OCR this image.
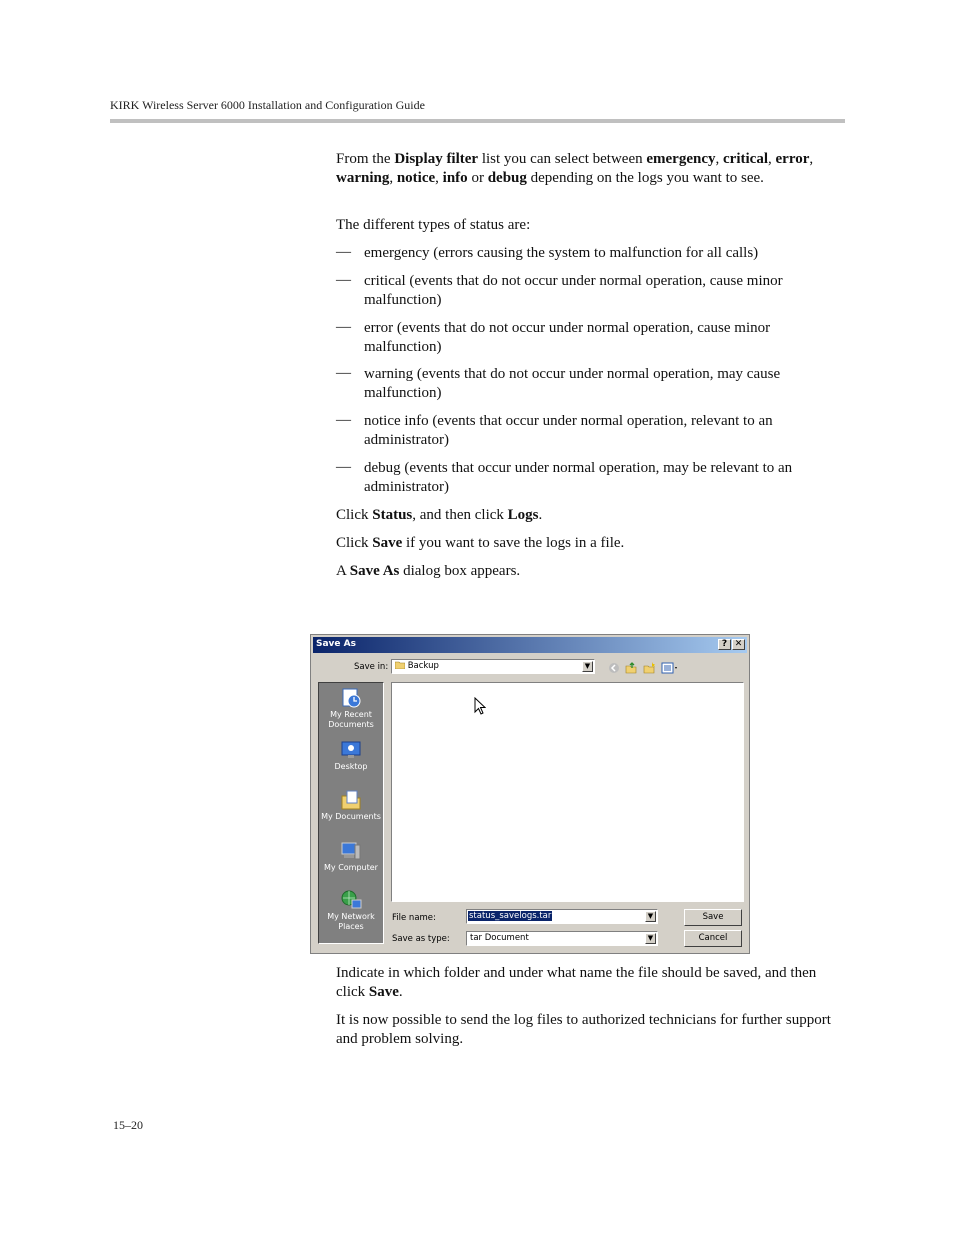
KIRK Wireless Server 6000 Installation and Configuration Guide
From the Display filter list you can select between emergency, critical, error, warning, notice, info or debug depending on the logs you want to see.
The different types of status are:
— emergency (errors causing the system to malfunction for all calls)
— critical (events that do not occur under normal operation, cause minor malfunction)
— error (events that do not occur under normal operation, cause minor malfunction)
— warning (events that do not occur under normal operation, may cause malfunction)
— notice info (events that occur under normal operation, relevant to an administrator)
— debug (events that occur under normal operation, may be relevant to an administrator)
Click Status, and then click Logs.
Click Save if you want to save the logs in a file.
A Save As dialog box appears.
Save As	? ✕
Save in:	Backup	▼
My Recent Documents
Desktop
My Documents
My Computer
My Network Places
File name:	status_savelogs.tar	▼
Save as type: tar Document	▼
Save
Cancel
Indicate in which folder and under what name the file should be saved, and then click Save.
It is now possible to send the log files to authorized technicians for further support and problem solving.
15–20
